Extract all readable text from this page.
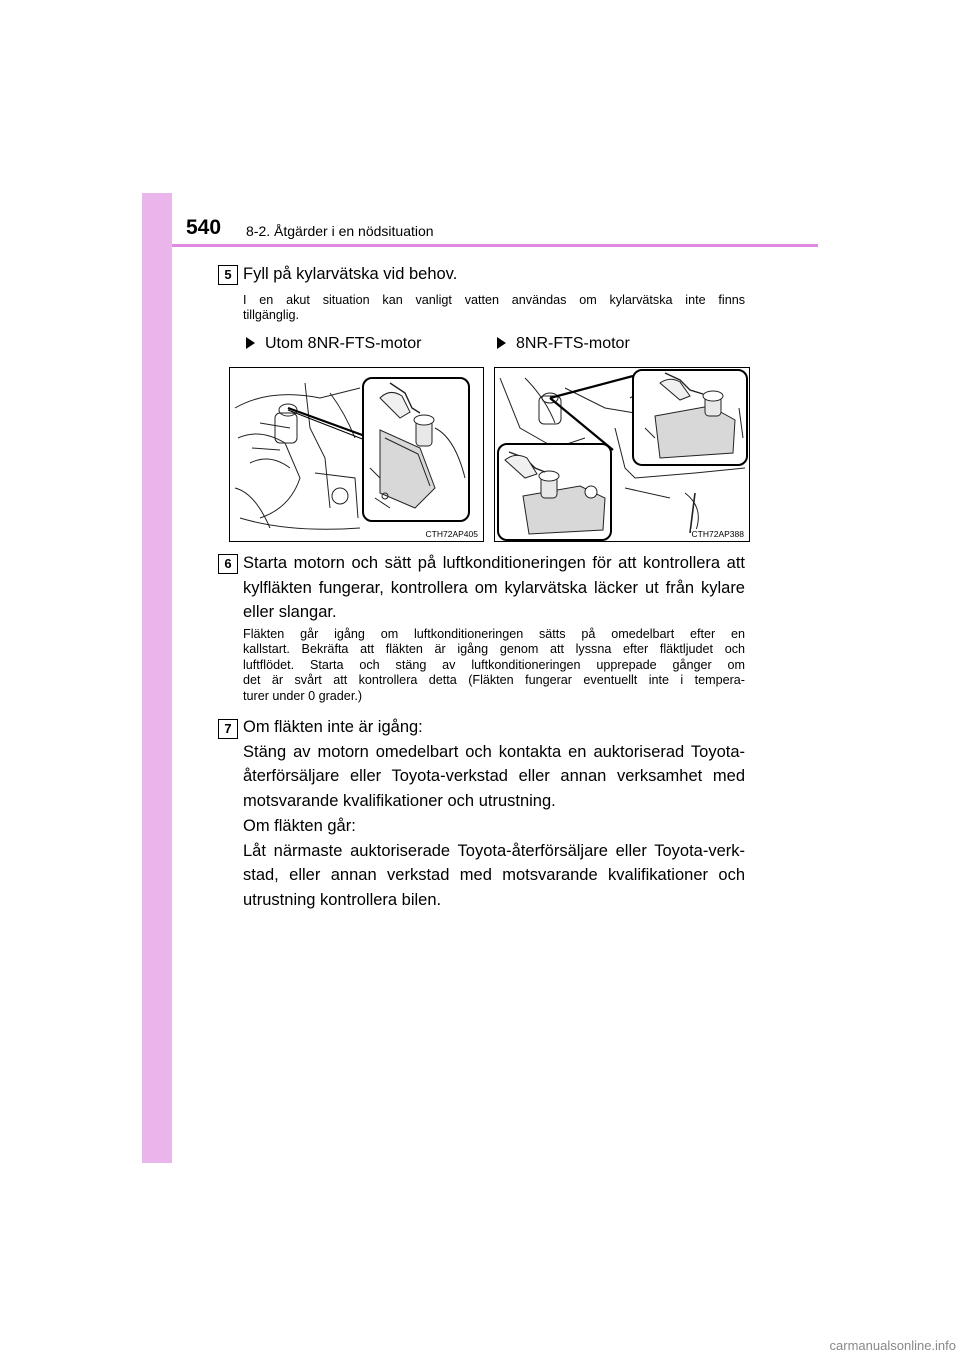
540 8-2. Åtgärder i en nödsituation
5 Fyll på kylarvätska vid behov.
I en akut situation kan vanligt vatten användas om kylarvätska inte finns
tillgänglig.
Utom 8NR-FTS-motor	8NR-FTS-motor
CTH72AP405	CTH72AP388
6 Starta motorn och sätt på luftkonditioneringen för att kontrollera att
kylfläkten fungerar, kontrollera om kylarvätska läcker ut från kylare
eller slangar.
Fläkten går igång om luftkonditioneringen sätts på omedelbart efter en
kallstart. Bekräfta att fläkten är igång genom att lyssna efter fläktljudet och
luftflödet. Starta och stäng av luftkonditioneringen upprepade gånger om
det är svårt att kontrollera detta (Fläkten fungerar eventuellt inte i tempera-
turer under 0 grader.)
7 Om fläkten inte är igång:
Stäng av motorn omedelbart och kontakta en auktoriserad Toyota-
återförsäljare eller Toyota-verkstad eller annan verksamhet med
motsvarande kvalifikationer och utrustning.
Om fläkten går:
Låt närmaste auktoriserade Toyota-återförsäljare eller Toyota-verk-
stad, eller annan verkstad med motsvarande kvalifikationer och
utrustning kontrollera bilen.
carmanualsonline.info
